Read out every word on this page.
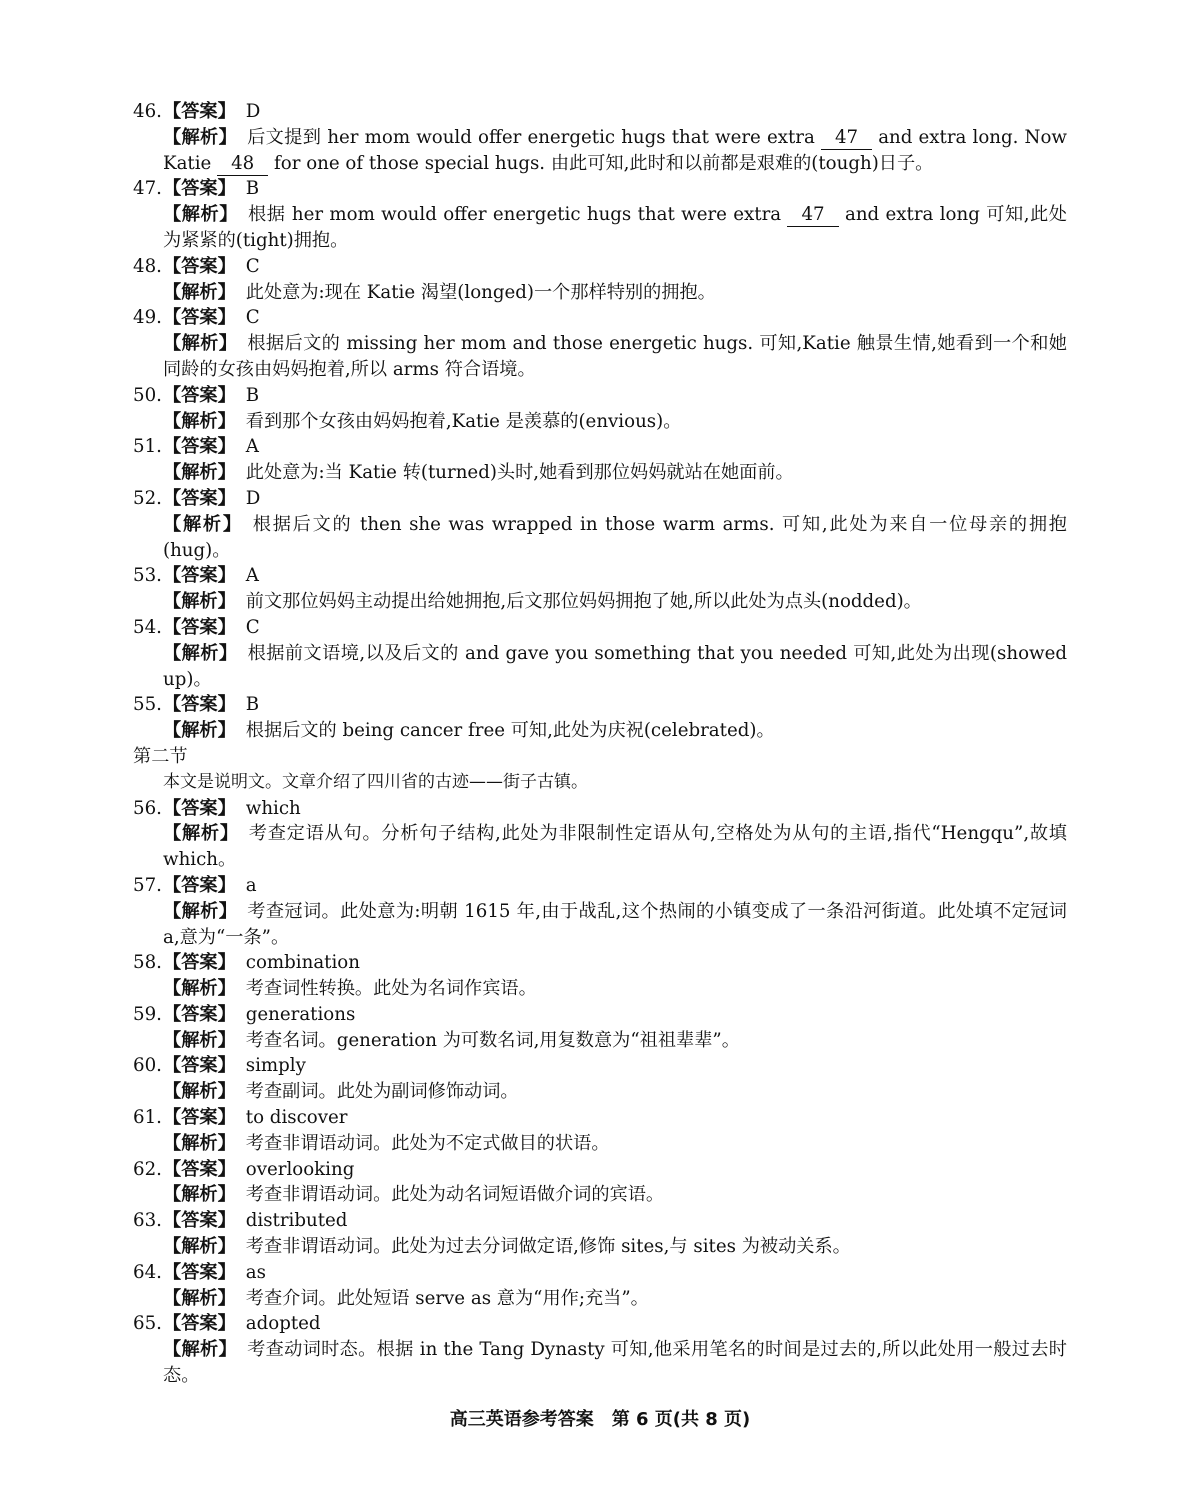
46. 【答案】 D
【解析】 后文提到 her mom would offer energetic hugs that were extra 47 and extra long. Now Katie 48 for one of those special hugs. 由此可知,此时和以前都是艰难的(tough)日子。
47. 【答案】 B
【解析】 根据 her mom would offer energetic hugs that were extra 47 and extra long 可知,此处为紧紧的(tight)拥抱。
48. 【答案】 C
【解析】 此处意为:现在 Katie 渴望(longed)一个那样特别的拥抱。
49. 【答案】 C
【解析】 根据后文的 missing her mom and those energetic hugs. 可知,Katie 触景生情,她看到一个和她同龄的女孩由妈妈抱着,所以 arms 符合语境。
50. 【答案】 B
【解析】 看到那个女孩由妈妈抱着,Katie 是羡慕的(envious)。
51. 【答案】 A
【解析】 此处意为:当 Katie 转(turned)头时,她看到那位妈妈就站在她面前。
52. 【答案】 D
【解析】 根据后文的 then she was wrapped in those warm arms. 可知,此处为来自一位母亲的拥抱(hug)。
53. 【答案】 A
【解析】 前文那位妈妈主动提出给她拥抱,后文那位妈妈拥抱了她,所以此处为点头(nodded)。
54. 【答案】 C
【解析】 根据前文语境,以及后文的 and gave you something that you needed 可知,此处为出现(showed up)。
55. 【答案】 B
【解析】 根据后文的 being cancer free 可知,此处为庆祝(celebrated)。
第二节
本文是说明文。文章介绍了四川省的古迹——街子古镇。
56. 【答案】 which
【解析】 考查定语从句。分析句子结构,此处为非限制性定语从句,空格处为从句的主语,指代“Hengqu”,故填 which。
57. 【答案】 a
【解析】 考查冠词。此处意为:明朝 1615 年,由于战乱,这个热闹的小镇变成了一条沿河街道。此处填不定冠词 a,意为“一条”。
58. 【答案】 combination
【解析】 考查词性转换。此处为名词作宾语。
59. 【答案】 generations
【解析】 考查名词。generation 为可数名词,用复数意为“祖祖辈辈”。
60. 【答案】 simply
【解析】 考查副词。此处为副词修饰动词。
61. 【答案】 to discover
【解析】 考查非谓语动词。此处为不定式做目的状语。
62. 【答案】 overlooking
【解析】 考查非谓语动词。此处为动名词短语做介词的宾语。
63. 【答案】 distributed
【解析】 考查非谓语动词。此处为过去分词做定语,修饰 sites,与 sites 为被动关系。
64. 【答案】 as
【解析】 考查介词。此处短语 serve as 意为“用作;充当”。
65. 【答案】 adopted
【解析】 考查动词时态。根据 in the Tang Dynasty 可知,他采用笔名的时间是过去的,所以此处用一般过去时态。
高三英语参考答案　第 6 页(共 8 页)
